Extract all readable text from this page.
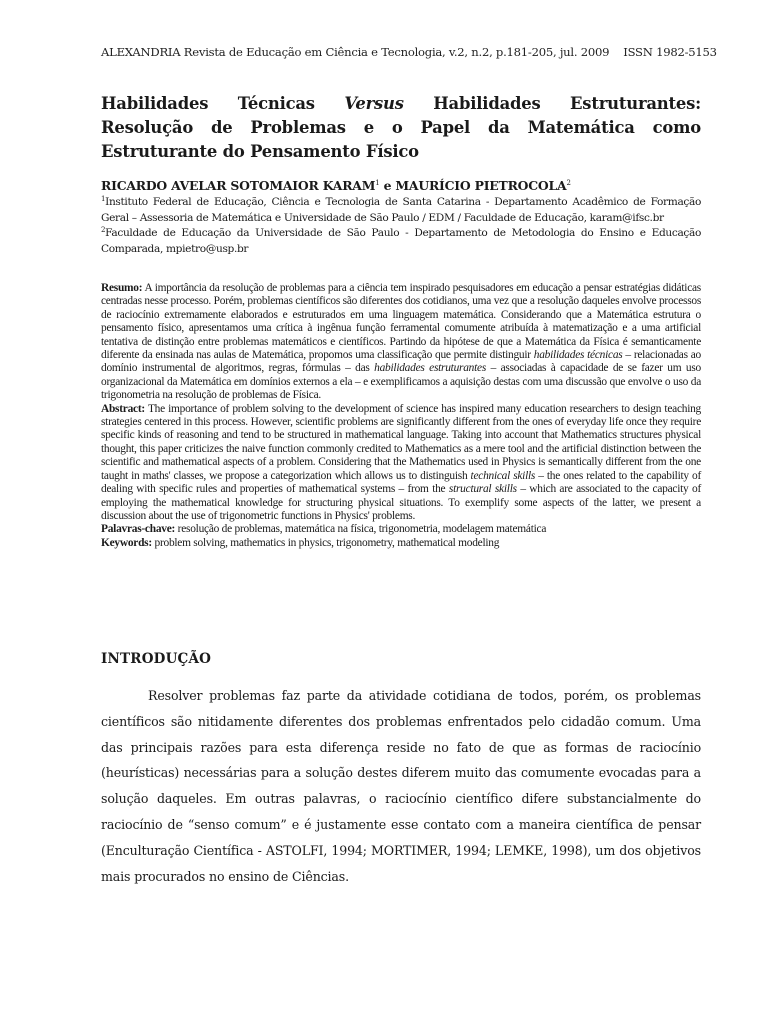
ALEXANDRIA Revista de Educação em Ciência e Tecnologia, v.2, n.2, p.181-205, jul. 2009 ISSN 1982-5153
Habilidades Técnicas Versus Habilidades Estruturantes: Resolução de Problemas e o Papel da Matemática como Estruturante do Pensamento Físico
RICARDO AVELAR SOTOMAIOR KARAM$^1$ e MAURÍCIO PIETROCOLA$^2$
$^1$Instituto Federal de Educação, Ciência e Tecnologia de Santa Catarina - Departamento Acadêmico de Formação Geral – Assessoria de Matemática e Universidade de São Paulo / EDM / Faculdade de Educação, karam@ifsc.br
$^2$Faculdade de Educação da Universidade de São Paulo - Departamento de Metodologia do Ensino e Educação Comparada, mpietro@usp.br

Resumo: A importância da resolução de problemas para a ciência tem inspirado pesquisadores em educação a pensar estratégias didáticas centradas nesse processo. Porém, problemas científicos são diferentes dos cotidianos, uma vez que a resolução daqueles envolve processos de raciocínio extremamente elaborados e estruturados em uma linguagem matemática. Considerando que a Matemática estrutura o pensamento físico, apresentamos uma crítica à ingênua função ferramental comumente atribuída à matematização e a uma artificial tentativa de distinção entre problemas matemáticos e científicos. Partindo da hipótese de que a Matemática da Física é semanticamente diferente da ensinada nas aulas de Matemática, propomos uma classificação que permite distinguir habilidades técnicas – relacionadas ao domínio instrumental de algoritmos, regras, fórmulas – das habilidades estruturantes – associadas à capacidade de se fazer um uso organizacional da Matemática em domínios externos a ela – e exemplificamos a aquisição destas com uma discussão que envolve o uso da trigonometria na resolução de problemas de Física.

Abstract: The importance of problem solving to the development of science has inspired many education researchers to design teaching strategies centered in this process. However, scientific problems are significantly different from the ones of everyday life once they require specific kinds of reasoning and tend to be structured in mathematical language. Taking into account that Mathematics structures physical thought, this paper criticizes the naive function commonly credited to Mathematics as a mere tool and the artificial distinction between the scientific and mathematical aspects of a problem. Considering that the Mathematics used in Physics is semantically different from the one taught in maths' classes, we propose a categorization which allows us to distinguish technical skills – the ones related to the capability of dealing with specific rules and properties of mathematical systems – from the structural skills – which are associated to the capacity of employing the mathematical knowledge for structuring physical situations. To exemplify some aspects of the latter, we present a discussion about the use of trigonometric functions in Physics' problems.

Palavras-chave: resolução de problemas, matemática na física, trigonometria, modelagem matemática

Keywords: problem solving, mathematics in physics, trigonometry, mathematical modeling

INTRODUÇÃO

Resolver problemas faz parte da atividade cotidiana de todos, porém, os problemas científicos são nitidamente diferentes dos problemas enfrentados pelo cidadão comum. Uma das principais razões para esta diferença reside no fato de que as formas de raciocínio (heurísticas) necessárias para a solução destes diferem muito das comumente evocadas para a solução daqueles. Em outras palavras, o raciocínio científico difere substancialmente do raciocínio de “senso comum” e é justamente esse contato com a maneira científica de pensar (Enculturação Científica - ASTOLFI, 1994; MORTIMER, 1994; LEMKE, 1998), um dos objetivos mais procurados no ensino de Ciências.
